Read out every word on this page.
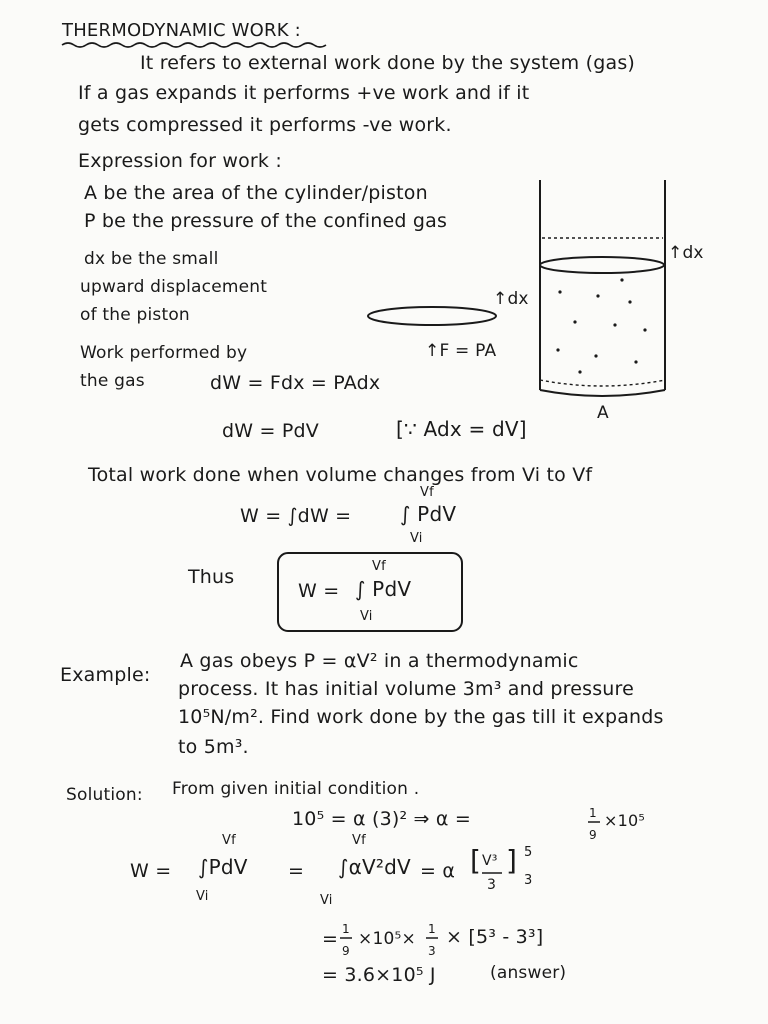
THERMODYNAMIC WORK :
It refers to external work done by the system (gas)
If a gas expands it performs +ve work and if it
gets compressed it performs -ve work.
Expression for work :
A be the area of the cylinder/piston
P be the pressure of the confined gas
dx be the small
upward displacement
of the piston
Work performed by
the gas
↑dx
↑F = PA
↑dx
A
dW = Fdx = PAdx
dW = PdV	[∵ Adx = dV]
Total work done when volume changes from Vi to Vf
W = ∫dW = ∫ PdV
Vf
Vi
Thus
W = ∫ PdV
Vf
Vi
Example:
A gas obeys P = αV² in a thermodynamic
process. It has initial volume 3m³ and pressure
10⁵N/m². Find work done by the gas till it expands
to 5m³.
Solution: From given initial condition .
10⁵ = α (3)² ⇒ α =	1
9
×10⁵
W = ∫PdV
Vf
Vi
= ∫αV²dV
Vf
Vi
= α [ V³
3
] 5
3
= 1
9
×10⁵× 1
3
× [5³ - 3³]
= 3.6×10⁵ J	(answer)
